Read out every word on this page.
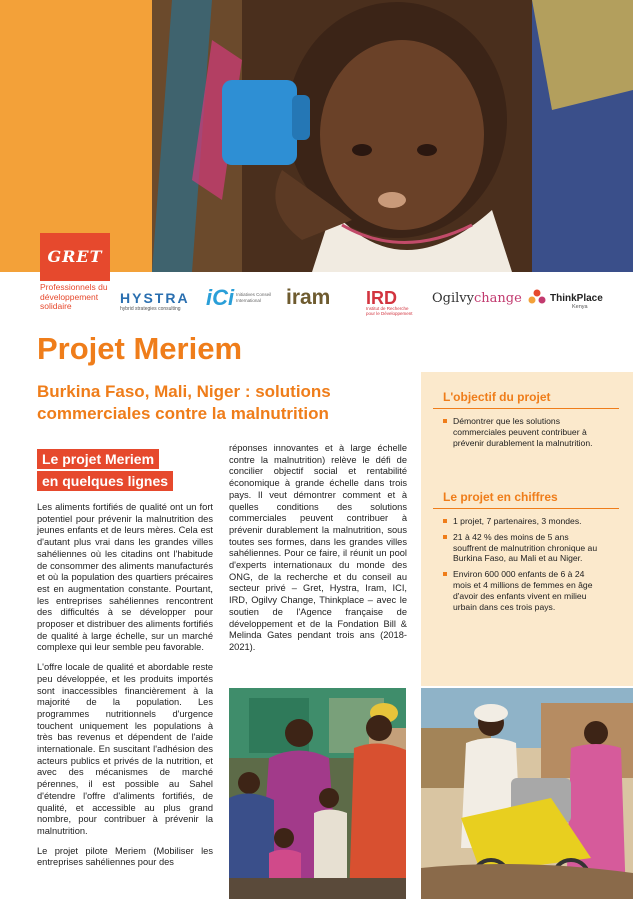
GRET
Professionnels du
développement
solidaire	HYSTRA
hybrid strategies consulting iCi Initiatives Conseil International	iram IRD
Institut de Recherche pour le Développement
Ogilvy change	ThinkPlace
Kenya
Projet Meriem
Burkina Faso, Mali, Niger : solutions
commerciales contre la malnutrition
Le projet Meriem
en quelques lignes

Les aliments fortifiés de qualité ont un fort potentiel pour prévenir la malnutrition des jeunes enfants et de leurs mères. Cela est d'autant plus vrai dans les grandes villes sahéliennes où les citadins ont l'habitude de consommer des aliments manufacturés et où la population des quartiers précaires est en augmentation constante. Pourtant, les entreprises sahéliennes rencontrent des difficultés à se développer pour proposer et distribuer des aliments fortifiés de qualité à large échelle, sur un marché complexe qui leur semble peu favorable.

L'offre locale de qualité et abordable reste peu développée, et les produits importés sont inaccessibles financièrement à la majorité de la population. Les programmes nutritionnels d'urgence touchent uniquement les populations à très bas revenus et dépendent de l'aide internationale. En suscitant l'adhésion des acteurs publics et privés de la nutrition, et avec des mécanismes de marché pérennes, il est possible au Sahel d'étendre l'offre d'aliments fortifiés, de qualité, et accessible au plus grand nombre, pour contribuer à prévenir la malnutrition.

Le projet pilote Meriem (Mobiliser les entreprises sahéliennes pour des

réponses innovantes et à large échelle contre la malnutrition) relève le défi de concilier objectif social et rentabilité économique à grande échelle dans trois pays. Il veut démontrer comment et à quelles conditions des solutions commerciales peuvent contribuer à prévenir durablement la malnutrition, sous toutes ses formes, dans les grandes villes sahéliennes. Pour ce faire, il réunit un pool d'experts internationaux du monde des ONG, de la recherche et du conseil au secteur privé – Gret, Hystra, Iram, ICI, IRD, Ogilvy Change, Thinkplace – avec le soutien de l'Agence française de développement et de la Fondation Bill & Melinda Gates pendant trois ans (2018-2021).

L'objectif du projet
Démontrer que les solutions commerciales peuvent contribuer à prévenir durablement la malnutrition.
Le projet en chiffres
1 projet, 7 partenaires, 3 mondes.
21 à 42 % des moins de 5 ans souffrent de malnutrition chronique au Burkina Faso, au Mali et au Niger.
Environ 600 000 enfants de 6 à 24 mois et 4 millions de femmes en âge d'avoir des enfants vivent en milieu urbain dans ces trois pays.
